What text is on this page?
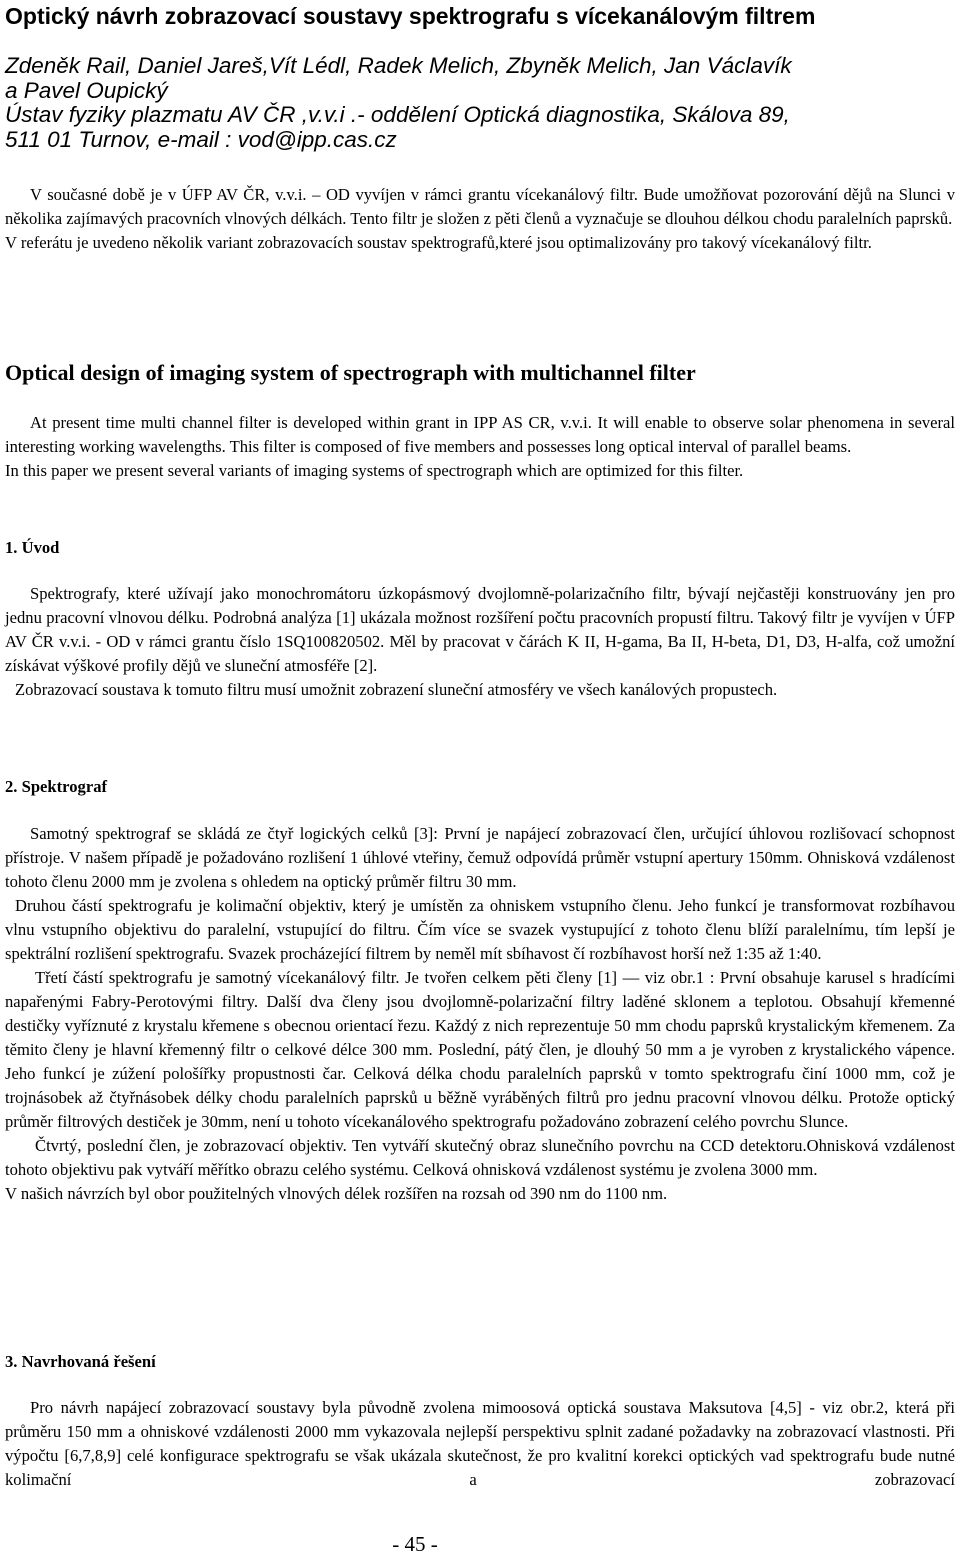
Optický návrh zobrazovací soustavy spektrografu s vícekanálovým filtrem
Zdeněk Rail, Daniel Jareš,Vít Lédl, Radek Melich, Zbyněk Melich, Jan Václavík
a Pavel Oupický
Ústav fyziky plazmatu AV ČR ,v.v.i .- oddělení Optická diagnostika, Skálova 89,
511 01 Turnov, e-mail : vod@ipp.cas.cz

V současné době je v ÚFP AV ČR, v.v.i. – OD vyvíjen v rámci grantu vícekanálový filtr. Bude umožňovat pozorování dějů na Slunci v několika zajímavých pracovních vlnových délkách. Tento filtr je složen z pěti členů a vyznačuje se dlouhou délkou chodu paralelních paprsků.

V referátu je uvedeno několik variant zobrazovacích soustav spektrografů,které jsou optimalizovány pro takový vícekanálový filtr.

Optical design of imaging system of spectrograph with multichannel filter

At present time multi channel filter is developed within grant in IPP AS CR, v.v.i. It will enable to observe solar phenomena in several interesting working wavelengths. This filter is composed of five members and possesses long optical interval of parallel beams.

In this paper we present several variants of imaging systems of spectrograph which are optimized for this filter.

1. Úvod

Spektrografy, které užívají jako monochromátoru úzkopásmový dvojlomně-polarizačního filtr, bývají nejčastěji konstruovány jen pro jednu pracovní vlnovou délku. Podrobná analýza [1] ukázala možnost rozšíření počtu pracovních propustí filtru. Takový filtr je vyvíjen v ÚFP AV ČR v.v.i. - OD v rámci grantu číslo 1SQ100820502. Měl by pracovat v čárách K II, H-gama, Ba II, H-beta, D1, D3, H-alfa, což umožní získávat výškové profily dějů ve sluneční atmosféře [2].

Zobrazovací soustava k tomuto filtru musí umožnit zobrazení sluneční atmosféry ve všech kanálových propustech.

2. Spektrograf

Samotný spektrograf se skládá ze čtyř logických celků [3]: První je napájecí zobrazovací člen, určující úhlovou rozlišovací schopnost přístroje. V našem případě je požadováno rozlišení 1 úhlové vteřiny, čemuž odpovídá průměr vstupní apertury 150mm. Ohnisková vzdálenost tohoto členu 2000 mm je zvolena s ohledem na optický průměr filtru 30 mm.

Druhou částí spektrografu je kolimační objektiv, který je umístěn za ohniskem vstupního členu. Jeho funkcí je transformovat rozbíhavou vlnu vstupního objektivu do paralelní, vstupující do filtru. Čím více se svazek vystupující z tohoto členu blíží paralelnímu, tím lepší je spektrální rozlišení spektrografu. Svazek procházející filtrem by neměl mít sbíhavost čí rozbíhavost horší než 1:35 až 1:40.

Třetí částí spektrografu je samotný vícekanálový filtr. Je tvořen celkem pěti členy [1] — viz obr.1 : První obsahuje karusel s hradícími napařenými Fabry-Perotovými filtry. Další dva členy jsou dvojlomně-polarizační filtry laděné sklonem a teplotou. Obsahují křemenné destičky vyříznuté z krystalu křemene s obecnou orientací řezu. Každý z nich reprezentuje 50 mm chodu paprsků krystalickým křemenem. Za těmito členy je hlavní křemenný filtr o celkové délce 300 mm. Poslední, pátý člen, je dlouhý 50 mm a je vyroben z krystalického vápence. Jeho funkcí je zúžení pološířky propustnosti čar. Celková délka chodu paralelních paprsků v tomto spektrografu činí 1000 mm, což je trojnásobek až čtyřnásobek délky chodu paralelních paprsků u běžně vyráběných filtrů pro jednu pracovní vlnovou délku. Protože optický průměr filtrových destiček je 30mm, není u tohoto vícekanálového spektrografu požadováno zobrazení celého povrchu Slunce.

Čtvrtý, poslední člen, je zobrazovací objektiv. Ten vytváří skutečný obraz slunečního povrchu na CCD detektoru.Ohnisková vzdálenost tohoto objektivu pak vytváří měřítko obrazu celého systému. Celková ohnisková vzdálenost systému je zvolena 3000 mm.

V našich návrzích byl obor použitelných vlnových délek rozšířen na rozsah od 390 nm do 1100 nm.

3. Navrhovaná řešení

Pro návrh napájecí zobrazovací soustavy byla původně zvolena mimoosová optická soustava Maksutova [4,5] - viz obr.2, která při průměru 150 mm a ohniskové vzdálenosti 2000 mm vykazovala nejlepší perspektivu splnit zadané požadavky na zobrazovací vlastnosti. Při výpočtu [6,7,8,9] celé konfigurace spektrografu se však ukázala skutečnost, že pro kvalitní korekci optických vad spektrografu bude nutné kolimační a zobrazovací

- 45 -
